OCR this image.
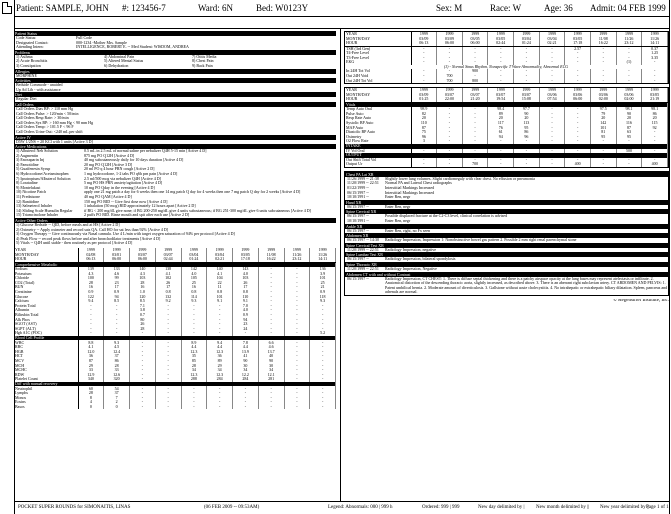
Patient: SAMPLE, JOHN #: 123456-7	Ward: 6N	Bed: W0123Y	Sex: M	Race: W	Age: 36 Admit: 04 FEB 1999
Patient Status
Code Status:	Full Code
Designated Contact:	000-1234 -Mother Mrs. Sample
Attending Intern:	INTELLIGENCE, ROBERT E. -- Med Student: WISDOM, ANDREA
Problems
1) Asthma	4) Abdominal Pain	7) Otitis Media
2) Acute Bronchitis	5) Altered Mental Status	8) Chest Pain
3) Constipation	6) Dehydration	9) Back Pain
Allergies
MORPHINE
Activities
Bedside Commode - unaided
Up Ad Lib - with assistance
Diet
Regular Diet
Call Orders
Call Orders Dias BP: > 110 mm Hg
Call Orders Pulse: > 120/min < 50/min
Call Orders Resp Rate: > 30/min
Call Orders Sys BP: > 160 mm Hg < 90 mm Hg
Call Orders Temp: > 101.5 F < 96 F
Call Orders Urine Out: <240 mL per shift
Active IV
D5W 1/2NS + 20 KCl with 1 units [Active 3 D]
Active Medications
1) Albuterol Neb Solution	0.5 mL in 2.5 mL of normal saline per nebulizer Q4H 5-15 min [Active 4 D]
2) Augmentin	875 mg PO Q12H [Active 4 D]
3) Enoxaparin Inj	40 mg subcutaneously daily for 10 days duration [Active 4 D]
4) Famotidine	20 mg PO Q12H [Active 3 D]
5) Guaifenesin Syrup	20 ml PO q 4 hour PRN cough [Active 2 D]
6) Hydrocodone/Acetaminophen	1 mg hydrocodone, 1-2 tabs PO q6h prn pain [Active 4 D]
7) Ipratropium/Albuterol Solution	2.5 ml/500 mcg via nebulizer Q4H [Active 4 D]
8) Loratadine	5 mg PO HS PRN anxiety/agitation [Active 4 D]
9) Montelukast	10 mg PO Qday in the evening [Active 4 D]
10) Nicotine Patch	apply one 21 mg patch a day for 6 weeks then one 14 mg patch Q day for 4 weeks then one 7 mg patch Q day for 2 weeks [Active 4 D]
11) Prednisone	40 mg PO QAM [Active 4 D]
12) Ranitidine	150 mg PO BID -- Give first dose now [Active 4 D]
13) Salmeterol Inhaler	1 inhalation (50 mcg) BID approximately 12 hours apart [Active 2 D]
14) Sliding Scale Humulin Regular	if BG < 200 mg/dL give none; if BG 200-250 mg/dL give 4 units subcutaneous; if BG 251-300 mg/dL give 6 units subcutaneous [Active 4 D]
15) Triamcinolone Inhaler	2 puffs PO BID. Rinse mouth and spit after each use [Active 2 D]
Active Other Orders
1) Glucose Bedside -- QID, before meals and at HS [Active 2 D]
2) Oximetry -- Apply oximeter and record sats QA. Call HO for sat less than 92% [Active 4 D]
3) Oxygen Therapy -- Give continuously via Nasal cannula. Use 4 L/min with target oxygen saturation of 94% per protocol [Active 4 D]
4) Peak Flow -- record peak flows before and after bronchodilator treatments [Active 4 D]
5) Vitals -- Q4H until stable - then routinely as per protocol [Active 4 D]
YEAR	1999	1999	1999	1999	1999	1999	1999	1999	1999	1999
MONTH/DAY	02/08	03/01	03/07	03/07	03/04	03/04	03/05	11/08	11/26	11/26
HOUR	06:13	06:00	06:00	02:44	01:24	02:21	17:18	16:22	23:12	14:11
Comprehensive Metabolic										
Sodium	139	133	140	138	142	140	143	-	-	136
Potassium	4.3	4.6	4.3	4.1	4.0	4.1	4.0	-	-	3.9
Chloride	100	99	103	102	105	104	103	-	-	101
CO2 (Total)	28	23	28	26	25	22	26	-	-	25
BUN	16	17	16	17	16	11	17	-	-	21
Creatinine	0.9	0.9	1.0	0.8	0.8	0.8	0.8	-	-	0.9
Glucose	122	94	120	132	114	101	110	-	-	118
Calcium	9.4	8.5	8.5	9.2	9.3	9.1	9.1	-	-	9.3
Protein Total	-	-	7.1	-	-	-	7.0	-	-	-
Albumin	-	-	3.8	-	-	-	4.0	-	-	-
Bilirubin Total	-	-	0.7	-	-	-	0.9	-	-	-
Alk Phos	-	-	80	-	-	-	94	-	-	-
SGOT (AST)	-	-	26	-	-	-	23	-	-	-
SGPT (ALT)	-	-	28	-	-	-	24	-	-	-
Hgb A1C (POC)	-	-	-	-	-	-	-	-	-	5.2
Blood Cell Profile										
WBC	8.8	9.3	-	-	8.9	9.4	7.8	6.6	-	-
RBC	4.1	4.5	-	-	4.4	4.4	4.4	4.6	-	-
HGB	12.0	12.4	-	-	12.3	12.3	13.9	13.7	-	-
HCT	36	37	-	-	35	36	41	40	-	-
MCV	87	86	-	-	85	89	90	90	-	-
MCH	29	28	-	-	28	29	30	30	-	-
MCHC	33	33	-	-	34	34	34	34	-	-
RDW	12.9	12.6	-	-	12.3	12.3	12.2	12.1	-	-
Platelet Count	340	320	-	-	288	284	284	281	-	-
Diff with manual recovery										
Neutrophil	60	54	-	-	-	-	-	-	-	-
Lymphs	28	37	-	-	-	-	-	-	-	-
Monos	8	7	-	-	-	-	-	-	-	-
Eosins	4	2	-	-	-	-	-	-	-	-
Basos	0	0	-	-	-	-	-	-	-	-
YEAR	1999	1999	1999	1999	1999	1999	1999	1999	1999	1999
MONTH/DAY	03/09	03/09	03/05	03/05	03/04	03/04	03/05	11/08	11/26	11/26
HOUR	06:13	06:00	06:00	02:44	01:24	02:21	17:18	16:22	23:12	14:11
TSH (3rd Gen)	-	-	-	-	-	-	2.57	-	-	0.37
T4-Free Level	-	-	-	-	-	-	-	-	-	1.25
T3-Free Level	-	-	-	-	-	-	-	-	-	3.35
EKG	-	-	-	-	-	-	-	-	(1)	-
(1) - Normal Sinus Rhythm, Nonspecific T Wave Abnormality, Abnormal ECG										
In 24H Tot Vol	-	-	900	-	-	-	-	-	-	-
Out 24H Void	-	700	-	-	-	-	-	-	-	-
Out 24H Tot Vol	-	700	800	-	-	-	-	-	-	-
YEAR	1999	1999	1999	1999	1999	1999	1999	1999	1999	1999
MONTH/DAY	03/09	03/07	03/07	03/07	03/07	03/06	03/06	03/06	03/06	03/05
HOUR	01:25	22:00	21:20	19:54	15:08	07:54	06:00	02:00	02:00	21:19
Vitals										
Temp Auto Oral	98.9	-	-	98.4	97.7	-	-	97.5	98.1	98.1
Pulse Auto	82	-	-	89	90	-	-	79	90	86
Resp Rate Auto	20	-	-	20	20	-	-	20	20	20
Systolic BP Auto	110	-	-	117	113	-	-	142	116	115
MAP Auto	87	-	-	76	95	-	-	101	87	92
Diastolic BP Auto	75	-	-	61	86	-	-	81	63	-
Oximetry	96	-	-	94	96	-	-	95	95	-
O2 Flow Rate	3	-	-	-	-	-	-	-	-	-
INTAKE										
IV Vol Oral	-	-	-	-	-	-	-	-	500	-
OUTPUT										
Out Shift Total Vol	-	-	-	-	-	-	-	-	-	-
Output Ur	-	-	700	-	-	-	400	-	-	400
Chest PA Lat XR
11/26/1999 -- 21:38	Slightly lower lung volumes. Slight cardiomegaly with clear chest. No effusion or pneumonia
11/20/1999 -- 22:51	Normal PA and Lateral Chest radiographs
01/22/1999 --	Interstitial Markings Increased
06/15/1997 --	Interstitial Markings Increased
10/10/1991 --	Enter Ren, negr
Hand XR
06/15/1997 --	Enter Ren, negr
Spine Cervical XR
06/15/1997 --	Possible displaced fracture at the C2-C3 level, clinical correlation is advised
10/10/1991 --	Enter Ren, negr
Ankle XR
06/15/1997 --	Enter Ren, right, no Fx seen
Abdomen XR
06/15/1997 -- 14:30	Radiology Impression, Impression 1: Nonobstructive bowel gas pattern 2. Possible 2 mm right renal parenchymal stone
Spine Cervical Test XR
11/20/1999 -- 22:51	Radiology Impression, negative
Spine Lumbar Test XR
06/15/1997 --	Radiology Impression, bilateral spondylosis
Spine Thoracic XR
11/20/1999 -- 22:51	Radiology Impression, Negative
Abdomen CT with and without Contrast
06/15/1997 --	Radiology Impression, CT CHEST: 1. There is diffuse septal thickening and there is a patchy airspace opacity at the lung bases may represent atelectasis or infiltrate. 2. Anatomical distortion of the descending thoracic aorta, slightly increased, as described above. 3. There is an aberrant right subclavian artery. CT ABDOMEN AND PELVIS: 1. Patent umbilical hernia. 2. Moderate amount of diverticulosis. 3. Gallstone without acute cholecystitis. 4. No intrahepatic or extrahepatic biliary dilatation. Spleen, pancreas and adrenals are normal.
© Regenstrief Institute, Inc.
POCKET SUPER ROUNDS for SIMONAITIS, LINAS	(06 FEB 2009 -- 09:53AM)	Legend: Abnormals: 000 | 999 h	Ordered: 999 | 999	New day delimited by | New month delimited by || New year delimited by ||
Page 1 of 1
